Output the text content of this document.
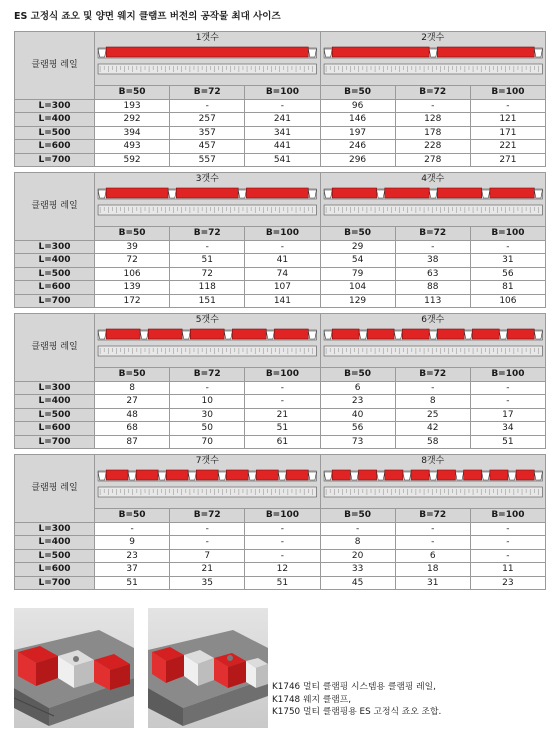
ES 고정식 죠오 및 양면 웨지 클램프 버전의 공작물 최대 사이즈
클램핑 레일	1갯수			2갯수		

	B=50	B=72	B=100	B=50	B=72	B=100
L=300	193	-	-	96	-	-
L=400	292	257	241	146	128	121
L=500	394	357	341	197	178	171
L=600	493	457	441	246	228	221
L=700	592	557	541	296	278	271
클램핑 레일	3갯수			4갯수		

	B=50	B=72	B=100	B=50	B=72	B=100
L=300	39	-	-	29	-	-
L=400	72	51	41	54	38	31
L=500	106	72	74	79	63	56
L=600	139	118	107	104	88	81
L=700	172	151	141	129	113	106
클램핑 레일	5갯수			6갯수		

	B=50	B=72	B=100	B=50	B=72	B=100
L=300	8	-	-	6	-	-
L=400	27	10	-	23	8	-
L=500	48	30	21	40	25	17
L=600	68	50	51	56	42	34
L=700	87	70	61	73	58	51
클램핑 레일	7갯수			8갯수		

	B=50	B=72	B=100	B=50	B=72	B=100
L=300	-	-	-	-	-	-
L=400	9	-	-	8	-	-
L=500	23	7	-	20	6	-
L=600	37	21	12	33	18	11
L=700	51	35	51	45	31	23
K1746 멀티 클램핑 시스템용 클램핑 레일,
K1748 웨지 클램프,
K1750 멀티 클램핑용 ES 고정식 죠오 조합.
